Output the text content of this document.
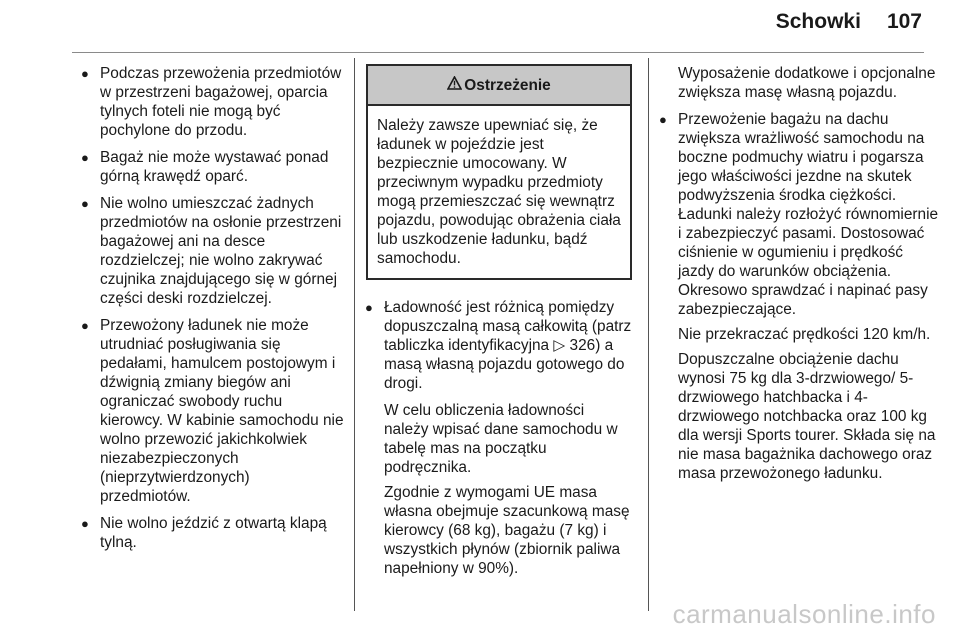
Schowki 107
● Podczas przewożenia przedmiotów w przestrzeni bagażowej, oparcia tylnych foteli nie mogą być pochylone do przodu.
● Bagaż nie może wystawać ponad górną krawędź oparć.
● Nie wolno umieszczać żadnych przedmiotów na osłonie przestrzeni bagażowej ani na desce rozdzielczej; nie wolno zakrywać czujnika znajdującego się w górnej części deski rozdzielczej.
● Przewożony ładunek nie może utrudniać posługiwania się pedałami, hamulcem postojowym i dźwignią zmiany biegów ani ograniczać swobody ruchu kierowcy. W kabinie samochodu nie wolno przewozić jakichkolwiek niezabezpieczonych (nieprzytwierdzonych) przedmiotów.
● Nie wolno jeździć z otwartą klapą tylną.
Ostrzeżenie
Należy zawsze upewniać się, że ładunek w pojeździe jest bezpiecznie umocowany. W przeciwnym wypadku przedmioty mogą przemieszczać się wewnątrz pojazdu, powodując obrażenia ciała lub uszkodzenie ładunku, bądź samochodu.
● Ładowność jest różnicą pomiędzy dopuszczalną masą całkowitą (patrz tabliczka identyfikacyjna ▷ 326) a masą własną pojazdu gotowego do drogi.

W celu obliczenia ładowności należy wpisać dane samochodu w tabelę mas na początku podręcznika.

Zgodnie z wymogami UE masa własna obejmuje szacunkową masę kierowcy (68 kg), bagażu (7 kg) i wszystkich płynów (zbiornik paliwa napełniony w 90%).

Wyposażenie dodatkowe i opcjonalne zwiększa masę własną pojazdu.

● Przewożenie bagażu na dachu zwiększa wrażliwość samochodu na boczne podmuchy wiatru i pogarsza jego właściwości jezdne na skutek podwyższenia środka ciężkości. Ładunki należy rozłożyć równomiernie i zabezpieczyć pasami. Dostosować ciśnienie w ogumieniu i prędkość jazdy do warunków obciążenia. Okresowo sprawdzać i napinać pasy zabezpieczające.

Nie przekraczać prędkości 120 km/h.

Dopuszczalne obciążenie dachu wynosi 75 kg dla 3-drzwiowego/ 5-drzwiowego hatchbacka i 4-drzwiowego notchbacka oraz 100 kg dla wersji Sports tourer. Składa się na nie masa bagażnika dachowego oraz masa przewożonego ładunku.

carmanualsonline.info
